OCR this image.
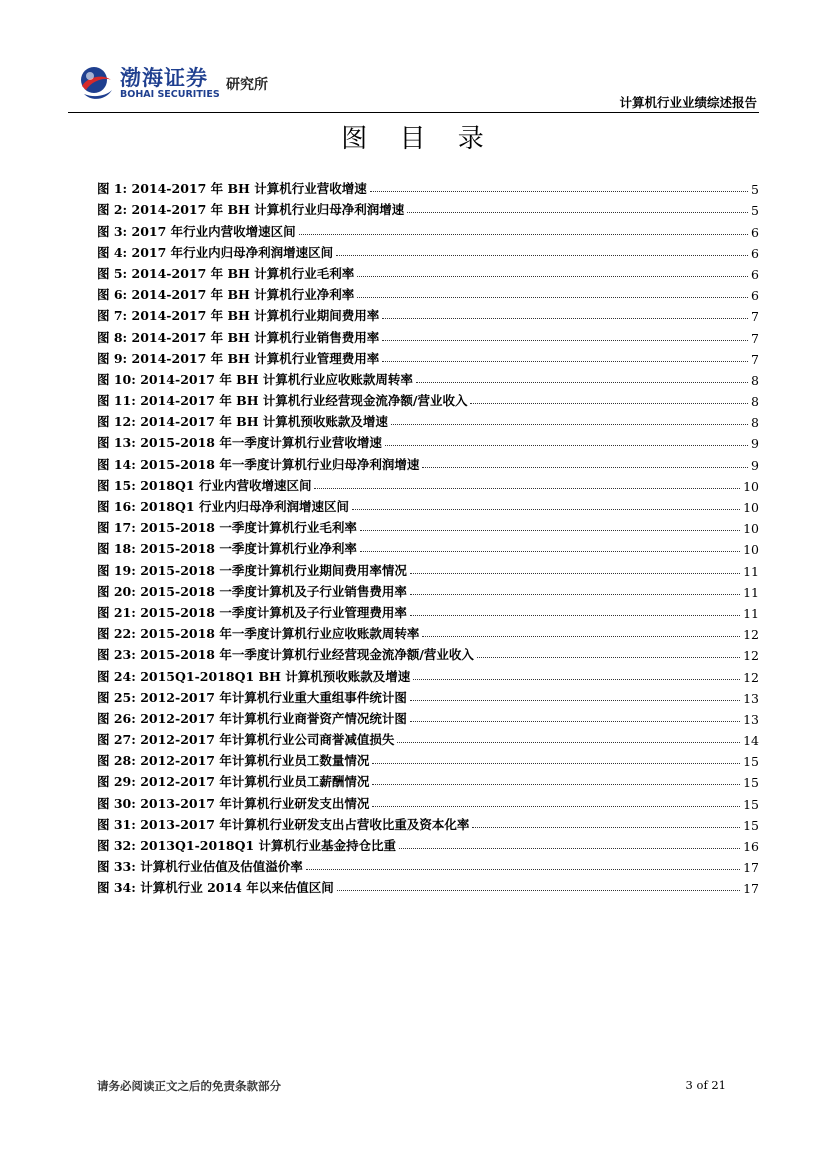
渤海证券
BOHAI SECURITIES
研究所
计算机行业业绩综述报告
图 目 录
图 1: 2014-2017 年 BH 计算机行业营收增速	5
图 2: 2014-2017 年 BH 计算机行业归母净利润增速	5
图 3: 2017 年行业内营收增速区间	6
图 4: 2017 年行业内归母净利润增速区间	6
图 5: 2014-2017 年 BH 计算机行业毛利率	6
图 6: 2014-2017 年 BH 计算机行业净利率	6
图 7: 2014-2017 年 BH 计算机行业期间费用率	7
图 8: 2014-2017 年 BH 计算机行业销售费用率	7
图 9: 2014-2017 年 BH 计算机行业管理费用率	7
图 10: 2014-2017 年 BH 计算机行业应收账款周转率	8
图 11: 2014-2017 年 BH 计算机行业经营现金流净额/营业收入	8
图 12: 2014-2017 年 BH 计算机预收账款及增速	8
图 13: 2015-2018 年一季度计算机行业营收增速	9
图 14: 2015-2018 年一季度计算机行业归母净利润增速	9
图 15: 2018Q1 行业内营收增速区间	10
图 16: 2018Q1 行业内归母净利润增速区间	10
图 17: 2015-2018 一季度计算机行业毛利率	10
图 18: 2015-2018 一季度计算机行业净利率	10
图 19: 2015-2018 一季度计算机行业期间费用率情况	11
图 20: 2015-2018 一季度计算机及子行业销售费用率	11
图 21: 2015-2018 一季度计算机及子行业管理费用率	11
图 22: 2015-2018 年一季度计算机行业应收账款周转率	12
图 23: 2015-2018 年一季度计算机行业经营现金流净额/营业收入	12
图 24: 2015Q1-2018Q1 BH 计算机预收账款及增速	12
图 25: 2012-2017 年计算机行业重大重组事件统计图	13
图 26: 2012-2017 年计算机行业商誉资产情况统计图	13
图 27: 2012-2017 年计算机行业公司商誉减值损失	14
图 28: 2012-2017 年计算机行业员工数量情况	15
图 29: 2012-2017 年计算机行业员工薪酬情况	15
图 30: 2013-2017 年计算机行业研发支出情况	15
图 31: 2013-2017 年计算机行业研发支出占营收比重及资本化率	15
图 32: 2013Q1-2018Q1 计算机行业基金持仓比重	16
图 33: 计算机行业估值及估值溢价率	17
图 34: 计算机行业 2014 年以来估值区间	17
请务必阅读正文之后的免责条款部分	3 of 21
